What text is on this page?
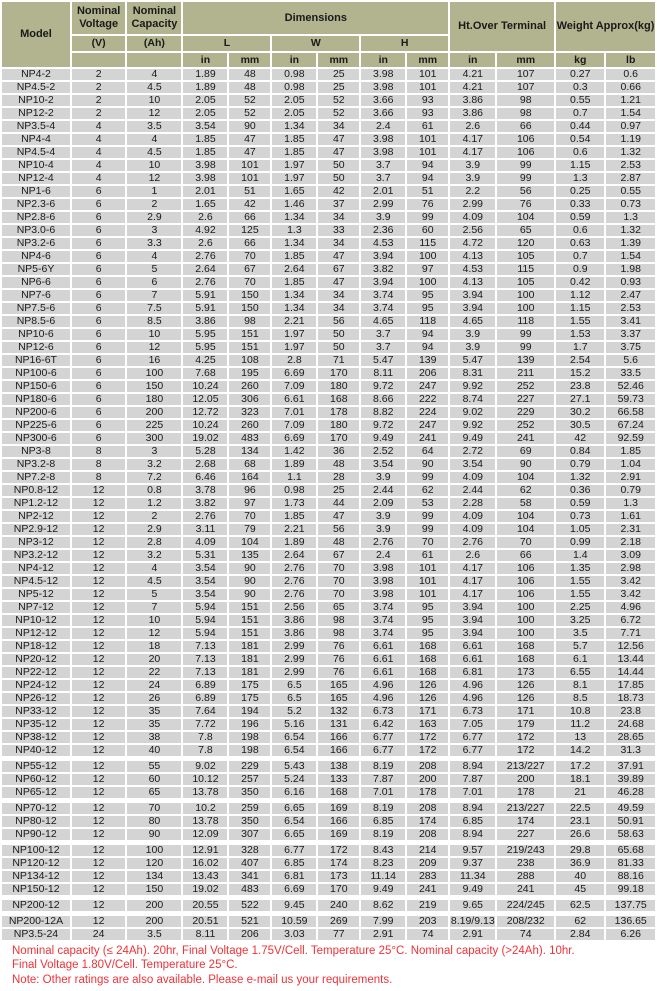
Model	Nominal Voltage	Nominal Capacity	Dimensions						Ht.Over Terminal		Weight Approx(kg)	
	(V)	(Ah)	L		W		H					
			in	mm	in	mm	in	mm	in	mm	kg	lb
NP4-2	2	4	1.89	48	0.98	25	3.98	101	4.21	107	0.27	0.6
NP4.5-2	2	4.5	1.89	48	0.98	25	3.98	101	4.21	107	0.3	0.66
NP10-2	2	10	2.05	52	2.05	52	3.66	93	3.86	98	0.55	1.21
NP12-2	2	12	2.05	52	2.05	52	3.66	93	3.86	98	0.7	1.54
NP3.5-4	4	3.5	3.54	90	1.34	34	2.4	61	2.6	66	0.44	0.97
NP4-4	4	4	1.85	47	1.85	47	3.98	101	4.17	106	0.54	1.19
NP4.5-4	4	4.5	1.85	47	1.85	47	3.98	101	4.17	106	0.6	1.32
NP10-4	4	10	3.98	101	1.97	50	3.7	94	3.9	99	1.15	2.53
NP12-4	4	12	3.98	101	1.97	50	3.7	94	3.9	99	1.3	2.87
NP1-6	6	1	2.01	51	1.65	42	2.01	51	2.2	56	0.25	0.55
NP2.3-6	6	2	1.65	42	1.46	37	2.99	76	2.99	76	0.33	0.73
NP2.8-6	6	2.9	2.6	66	1.34	34	3.9	99	4.09	104	0.59	1.3
NP3.0-6	6	3	4.92	125	1.3	33	2.36	60	2.56	65	0.6	1.32
NP3.2-6	6	3.3	2.6	66	1.34	34	4.53	115	4.72	120	0.63	1.39
NP4-6	6	4	2.76	70	1.85	47	3.94	100	4.13	105	0.7	1.54
NP5-6Y	6	5	2.64	67	2.64	67	3.82	97	4.53	115	0.9	1.98
NP6-6	6	6	2.76	70	1.85	47	3.94	100	4.13	105	0.42	0.93
NP7-6	6	7	5.91	150	1.34	34	3.74	95	3.94	100	1.12	2.47
NP7.5-6	6	7.5	5.91	150	1.34	34	3.74	95	3.94	100	1.15	2.53
NP8.5-6	6	8.5	3.86	98	2.21	56	4.65	118	4.65	118	1.55	3.41
NP10-6	6	10	5.95	151	1.97	50	3.7	94	3.9	99	1.53	3.37
NP12-6	6	12	5.95	151	1.97	50	3.7	94	3.9	99	1.7	3.75
NP16-6T	6	16	4.25	108	2.8	71	5.47	139	5.47	139	2.54	5.6
NP100-6	6	100	7.68	195	6.69	170	8.11	206	8.31	211	15.2	33.5
NP150-6	6	150	10.24	260	7.09	180	9.72	247	9.92	252	23.8	52.46
NP180-6	6	180	12.05	306	6.61	168	8.66	222	8.74	227	27.1	59.73
NP200-6	6	200	12.72	323	7.01	178	8.82	224	9.02	229	30.2	66.58
NP225-6	6	225	10.24	260	7.09	180	9.72	247	9.92	252	30.5	67.24
NP300-6	6	300	19.02	483	6.69	170	9.49	241	9.49	241	42	92.59
NP3-8	8	3	5.28	134	1.42	36	2.52	64	2.72	69	0.84	1.85
NP3.2-8	8	3.2	2.68	68	1.89	48	3.54	90	3.54	90	0.79	1.04
NP7.2-8	8	7.2	6.46	164	1.1	28	3.9	99	4.09	104	1.32	2.91
NP0.8-12	12	0.8	3.78	96	0.98	25	2.44	62	2.44	62	0.36	0.79
NP1.2-12	12	1.2	3.82	97	1.73	44	2.09	53	2.28	58	0.59	1.3
NP2-12	12	2	2.76	70	1.85	47	3.9	99	4.09	104	0.73	1.61
NP2.9-12	12	2.9	3.11	79	2.21	56	3.9	99	4.09	104	1.05	2.31
NP3-12	12	2.8	4.09	104	1.89	48	2.76	70	2.76	70	0.99	2.18
NP3.2-12	12	3.2	5.31	135	2.64	67	2.4	61	2.6	66	1.4	3.09
NP4-12	12	4	3.54	90	2.76	70	3.98	101	4.17	106	1.35	2.98
NP4.5-12	12	4.5	3.54	90	2.76	70	3.98	101	4.17	106	1.55	3.42
NP5-12	12	5	3.54	90	2.76	70	3.98	101	4.17	106	1.55	3.42
NP7-12	12	7	5.94	151	2.56	65	3.74	95	3.94	100	2.25	4.96
NP10-12	12	10	5.94	151	3.86	98	3.74	95	3.94	100	3.25	6.72
NP12-12	12	12	5.94	151	3.86	98	3.74	95	3.94	100	3.5	7.71
NP18-12	12	18	7.13	181	2.99	76	6.61	168	6.61	168	5.7	12.56
NP20-12	12	20	7.13	181	2.99	76	6.61	168	6.61	168	6.1	13.44
NP22-12	12	22	7.13	181	2.99	76	6.61	168	6.81	173	6.55	14.44
NP24-12	12	24	6.89	175	6.5	165	4.96	126	4.96	126	8.1	17.85
NP26-12	12	26	6.89	175	6.5	165	4.96	126	4.96	126	8.5	18.73
NP33-12	12	35	7.64	194	5.2	132	6.73	171	6.73	171	10.8	23.8
NP35-12	12	35	7.72	196	5.16	131	6.42	163	7.05	179	11.2	24.68
NP38-12	12	38	7.8	198	6.54	166	6.77	172	6.77	172	13	28.65
NP40-12	12	40	7.8	198	6.54	166	6.77	172	6.77	172	14.2	31.3

NP55-12	12	55	9.02	229	5.43	138	8.19	208	8.94	213/227	17.2	37.91
NP60-12	12	60	10.12	257	5.24	133	7.87	200	7.87	200	18.1	39.89
NP65-12	12	65	13.78	350	6.16	168	7.01	178	7.01	178	21	46.28

NP70-12	12	70	10.2	259	6.65	169	8.19	208	8.94	213/227	22.5	49.59
NP80-12	12	80	13.78	350	6.54	166	6.85	174	6.85	174	23.1	50.91
NP90-12	12	90	12.09	307	6.65	169	8.19	208	8.94	227	26.6	58.63

NP100-12	12	100	12.91	328	6.77	172	8.43	214	9.57	219/243	29.8	65.68
NP120-12	12	120	16.02	407	6.85	174	8.23	209	9.37	238	36.9	81.33
NP134-12	12	134	13.43	341	6.81	173	11.14	283	11.34	288	40	88.16
NP150-12	12	150	19.02	483	6.69	170	9.49	241	9.49	241	45	99.18

NP200-12	12	200	20.55	522	9.45	240	8.62	219	9.65	224/245	62.5	137.75

NP200-12A	12	200	20.51	521	10.59	269	7.99	203	8.19/9.13	208/232	62	136.65
NP3.5-24	24	3.5	8.11	206	3.03	77	2.91	74	2.91	74	2.84	6.26
Nominal capacity (≤ 24Ah). 20hr, Final Voltage 1.75V/Cell. Temperature 25°C. Nominal capacity (>24Ah). 10hr.
Final Voltage 1.80V/Cell. Temperature 25°C.
Note: Other ratings are also available. Please e-mail us your requirements.
